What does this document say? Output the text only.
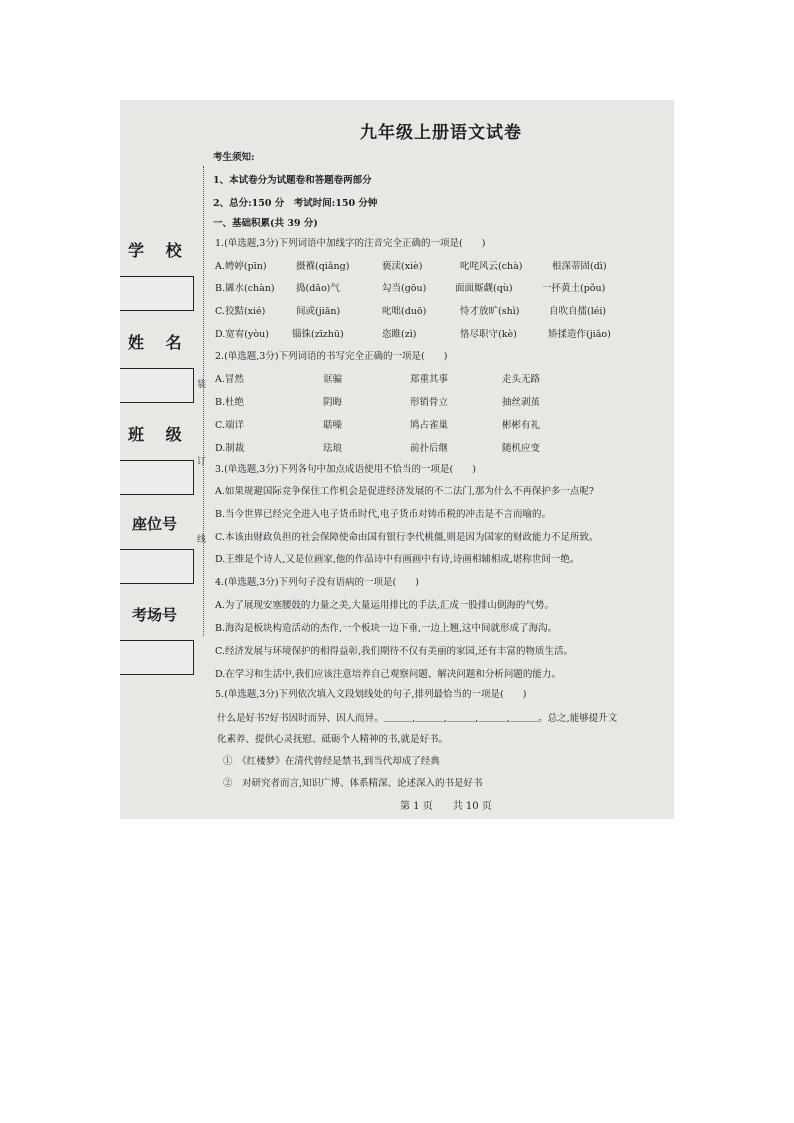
九年级上册语文试卷
学 校
姓 名
班 级
座位号
考场号
装
订
线
考生须知:
1、本试卷分为试题卷和答题卷两部分
2、总分:150 分　考试时间:150 分钟
一、基础积累(共 39 分)
1.(单选题,3分)下列词语中加线字的注音完全正确的一项是(　　)
A.娉婷(pīn)	摄褓(qiǎng)	亵渎(xiè)	叱咤风云(chà)	根深蒂固(dì)
B.羼水(chàn) 捣(dǎo)气	勾当(gōu)	面面厮觑(qù)	一抔黄土(pǒu)
C.狡黠(xié)	间或(jiān)	叱咄(duō)	恃才放旷(shì)	自吹自擂(léi)
D.宽宥(yòu) 锱铢(zīzhū)	恣睢(zì)	恪尽职守(kè)	矫揉造作(jiǎo)
2.(单选题,3分)下列词语的书写完全正确的一项是(　　)
A.冒然	诓骗	郑重其事	走头无路
B.杜绝	阴晦	形销骨立	抽丝剥茧
C.端详	聒噪	鸠占雀巢	彬彬有礼
D.制裁	珐琅	前扑后继	随机应变
3.(单选题,3分)下列各句中加点成语使用不恰当的一项是(　　)
A.如果规避国际竞争保住工作机会是促进经济发展的不二法门,那为什么不再保护多一点呢?
B.当今世界已经完全进入电子货币时代,电子货币对铸币税的冲击是不言而喻的。
C.本该由财政负担的社会保障使命由国有银行李代桃僵,则是因为国家的财政能力不足所致。
D.王维是个诗人,又是位画家,他的作品诗中有画画中有诗,诗画相辅相成,堪称世间一绝。
4.(单选题,3分)下列句子没有语病的一项是(　　)
A.为了展现安塞腰鼓的力量之美,大量运用排比的手法,汇成一股排山倒海的气势。
B.海沟是板块构造活动的杰作,一个板块一边下垂,一边上翘,这中间就形成了海沟。
C.经济发展与环境保护的相得益彰,我们期待不仅有美丽的家园,还有丰富的物质生活。
D.在学习和生活中,我们应该注意培养自己观察问题、解决问题和分析问题的能力。
5.(单选题,3分)下列依次填入文段划线处的句子,排列最恰当的一项是(　　)
什么是好书?好书因时而异、因人而异。＿＿＿,＿＿＿,＿＿＿,＿＿＿,＿＿＿。总之,能够提升文
化素养、提供心灵抚慰、砥砺个人精神的书,就是好书。
①　《红楼梦》在清代曾经是禁书,到当代却成了经典
②　对研究者而言,知识广博、体系精深、论述深入的书是好书
第 1 页　　共 10 页
